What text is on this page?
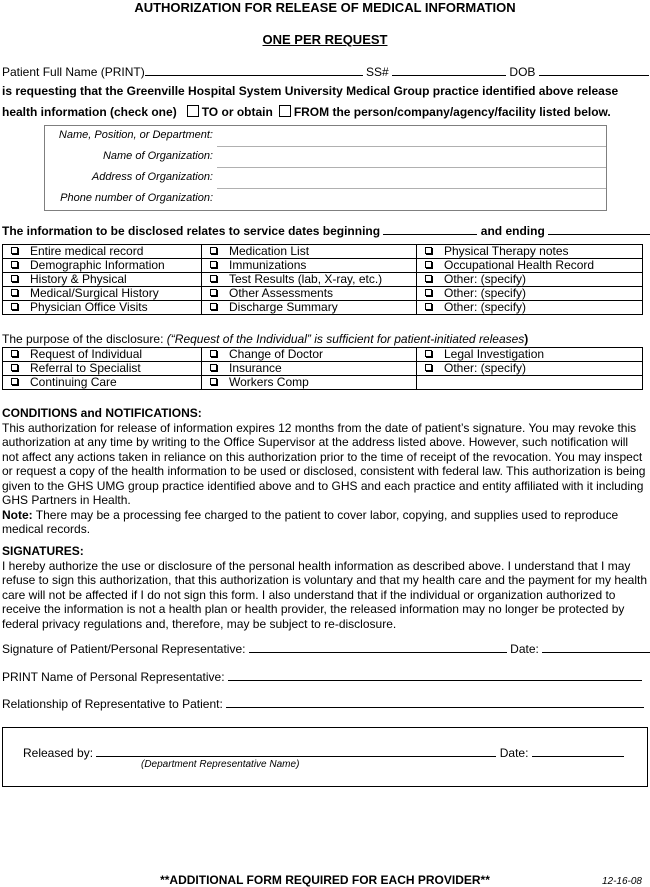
AUTHORIZATION FOR RELEASE OF MEDICAL INFORMATION
ONE PER REQUEST
Patient Full Name (PRINT)	SS#	DOB
is requesting that the Greenville Hospital System University Medical Group practice identified above release
health information (check one) TO or obtain FROM the person/company/agency/facility listed below.
Name, Position, or Department:
Name of Organization:
Address of Organization:
Phone number of Organization:
The information to be disclosed relates to service dates beginning	and ending
Entire medical record	Medication List	Physical Therapy notes
Demographic Information	Immunizations	Occupational Health Record
History & Physical	Test Results (lab, X-ray, etc.)	Other: (specify)
Medical/Surgical History	Other Assessments	Other: (specify)
Physician Office Visits	Discharge Summary	Other: (specify)
The purpose of the disclosure: (“Request of the Individual” is sufficient for patient-initiated releases)
Request of Individual	Change of Doctor	Legal Investigation
Referral to Specialist	Insurance	Other: (specify)
Continuing Care	Workers Comp	
CONDITIONS and NOTIFICATIONS:
This authorization for release of information expires 12 months from the date of patient’s signature. You may revoke this
authorization at any time by writing to the Office Supervisor at the address listed above. However, such notification will
not affect any actions taken in reliance on this authorization prior to the time of receipt of the revocation. You may inspect
or request a copy of the health information to be used or disclosed, consistent with federal law. This authorization is being
given to the GHS UMG group practice identified above and to GHS and each practice and entity affiliated with it including
GHS Partners in Health.
Note: There may be a processing fee charged to the patient to cover labor, copying, and supplies used to reproduce
medical records.
SIGNATURES:
I hereby authorize the use or disclosure of the personal health information as described above. I understand that I may
refuse to sign this authorization, that this authorization is voluntary and that my health care and the payment for my health
care will not be affected if I do not sign this form. I also understand that if the individual or organization authorized to
receive the information is not a health plan or health provider, the released information may no longer be protected by
federal privacy regulations and, therefore, may be subject to re-disclosure.
Signature of Patient/Personal Representative:	Date:
PRINT Name of Personal Representative:
Relationship of Representative to Patient:
Released by:	Date:
(Department Representative Name)
**ADDITIONAL FORM REQUIRED FOR EACH PROVIDER**	12-16-08
